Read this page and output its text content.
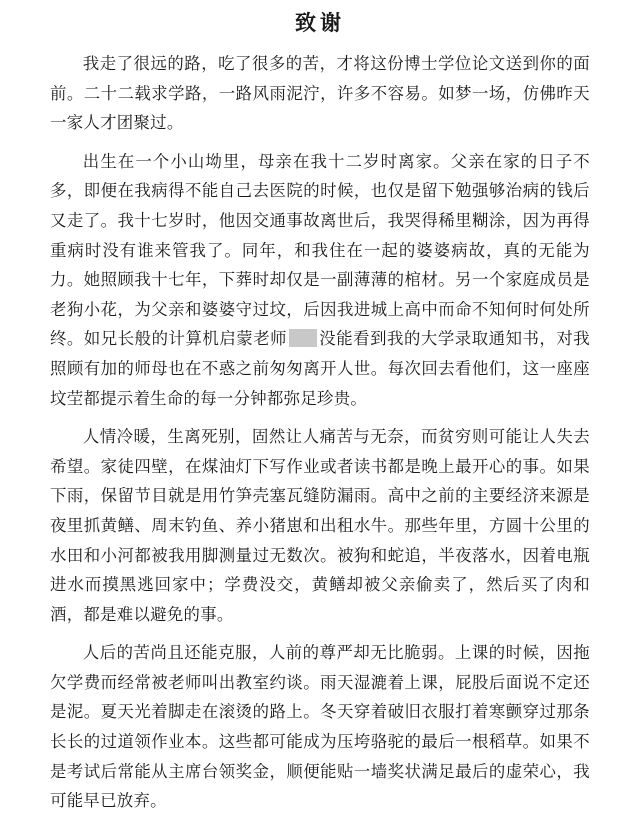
致谢

我走了很远的路，吃了很多的苦，才将这份博士学位论文送到你的面前。二十二载求学路，一路风雨泥泞，许多不容易。如梦一场，仿佛昨天一家人才团聚过。

出生在一个小山坳里，母亲在我十二岁时离家。父亲在家的日子不多，即便在我病得不能自己去医院的时候，也仅是留下勉强够治病的钱后又走了。我十七岁时，他因交通事故离世后，我哭得稀里糊涂，因为再得重病时没有谁来管我了。同年，和我住在一起的婆婆病故，真的无能为力。她照顾我十七年，下葬时却仅是一副薄薄的棺材。另一个家庭成员是老狗小花，为父亲和婆婆守过坟，后因我进城上高中而命不知何时何处所终。如兄长般的计算机启蒙老师 没能看到我的大学录取通知书，对我照顾有加的师母也在不惑之前匆匆离开人世。每次回去看他们，这一座座坟茔都提示着生命的每一分钟都弥足珍贵。

人情冷暖，生离死别，固然让人痛苦与无奈，而贫穷则可能让人失去希望。家徒四壁，在煤油灯下写作业或者读书都是晚上最开心的事。如果下雨，保留节目就是用竹笋壳塞瓦缝防漏雨。高中之前的主要经济来源是夜里抓黄鳝、周末钓鱼、养小猪崽和出租水牛。那些年里，方圆十公里的水田和小河都被我用脚测量过无数次。被狗和蛇追，半夜落水，因着电瓶进水而摸黑逃回家中；学费没交，黄鳝却被父亲偷卖了，然后买了肉和酒，都是难以避免的事。

人后的苦尚且还能克服，人前的尊严却无比脆弱。上课的时候，因拖欠学费而经常被老师叫出教室约谈。雨天湿漉着上课，屁股后面说不定还是泥。夏天光着脚走在滚烫的路上。冬天穿着破旧衣服打着寒颤穿过那条长长的过道领作业本。这些都可能成为压垮骆驼的最后一根稻草。如果不是考试后常能从主席台领奖金，顺便能贴一墙奖状满足最后的虚荣心，我可能早已放弃。
